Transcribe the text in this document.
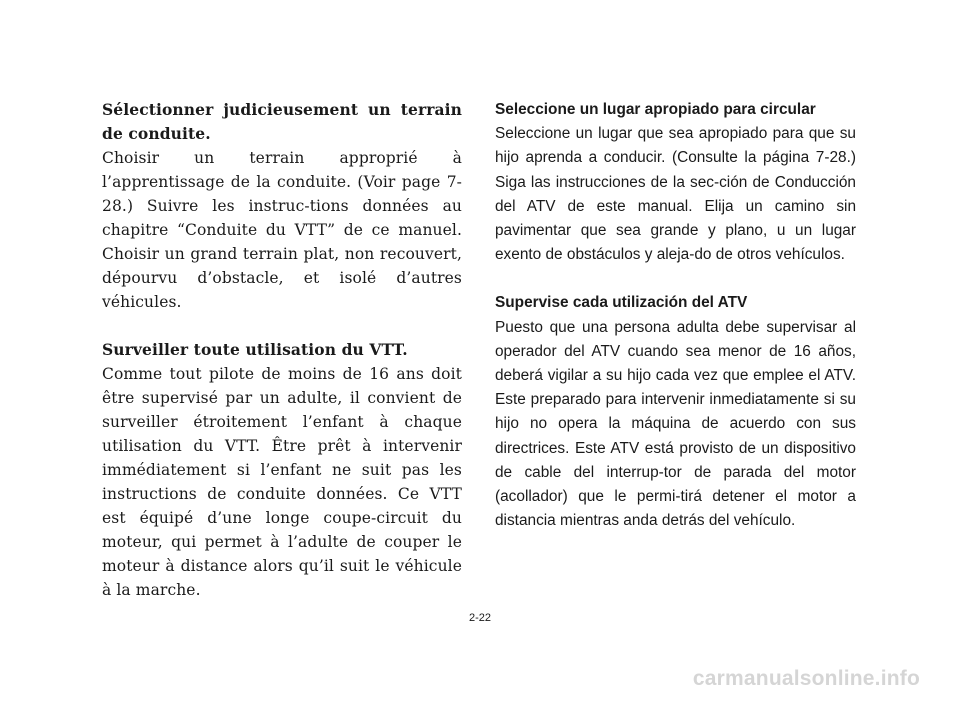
Sélectionner judicieusement un terrain de conduite.
Choisir un terrain approprié à l’apprentissage de la conduite. (Voir page 7-28.) Suivre les instruc-tions données au chapitre “Conduite du VTT” de ce manuel. Choisir un grand terrain plat, non recouvert, dépourvu d’obstacle, et isolé d’autres véhicules.
Surveiller toute utilisation du VTT.
Comme tout pilote de moins de 16 ans doit être supervisé par un adulte, il convient de surveiller étroitement l’enfant à chaque utilisation du VTT. Être prêt à intervenir immédiatement si l’enfant ne suit pas les instructions de conduite données. Ce VTT est équipé d’une longe coupe-circuit du moteur, qui permet à l’adulte de couper le moteur à distance alors qu’il suit le véhicule à la marche.
Seleccione un lugar apropiado para circular
Seleccione un lugar que sea apropiado para que su hijo aprenda a conducir. (Consulte la página 7-28.) Siga las instrucciones de la sec-ción de Conducción del ATV de este manual. Elija un camino sin pavimentar que sea grande y plano, u un lugar exento de obstáculos y aleja-do de otros vehículos.
Supervise cada utilización del ATV
Puesto que una persona adulta debe supervisar al operador del ATV cuando sea menor de 16 años, deberá vigilar a su hijo cada vez que emplee el ATV. Este preparado para intervenir inmediatamente si su hijo no opera la máquina de acuerdo con sus directrices. Este ATV está provisto de un dispositivo de cable del interrup-tor de parada del motor (acollador) que le permi-tirá detener el motor a distancia mientras anda detrás del vehículo.
2-22
carmanualsonline.info
